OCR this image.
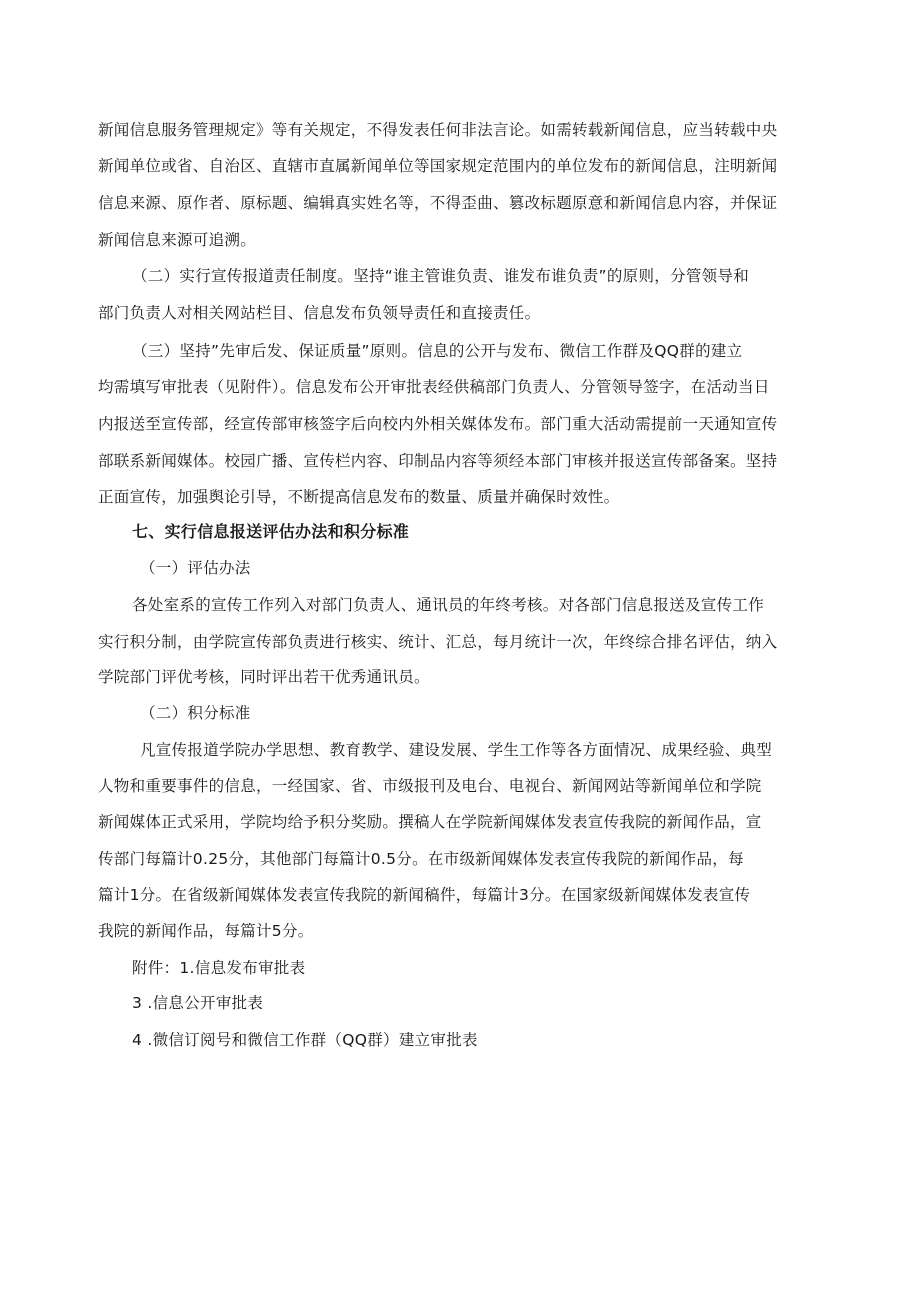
新闻信息服务管理规定》等有关规定，不得发表任何非法言论。如需转载新闻信息，应当转载中央

新闻单位或省、自治区、直辖市直属新闻单位等国家规定范围内的单位发布的新闻信息，注明新闻

信息来源、原作者、原标题、编辑真实姓名等，不得歪曲、篡改标题原意和新闻信息内容，并保证

新闻信息来源可追溯。

（二）实行宣传报道责任制度。坚持“谁主管谁负责、谁发布谁负责”的原则，分管领导和

部门负责人对相关网站栏目、信息发布负领导责任和直接责任。

（三）坚持”先审后发、保证质量”原则。信息的公开与发布、微信工作群及QQ群的建立

均需填写审批表（见附件）。信息发布公开审批表经供稿部门负责人、分管领导签字，在活动当日

内报送至宣传部，经宣传部审核签字后向校内外相关媒体发布。部门重大活动需提前一天通知宣传

部联系新闻媒体。校园广播、宣传栏内容、印制品内容等须经本部门审核并报送宣传部备案。坚持

正面宣传，加强舆论引导，不断提高信息发布的数量、质量并确保时效性。

七、实行信息报送评估办法和积分标准

（一）评估办法

各处室系的宣传工作列入对部门负责人、通讯员的年终考核。对各部门信息报送及宣传工作

实行积分制，由学院宣传部负责进行核实、统计、汇总，每月统计一次，年终综合排名评估，纳入

学院部门评优考核，同时评出若干优秀通讯员。

（二）积分标准

凡宣传报道学院办学思想、教育教学、建设发展、学生工作等各方面情况、成果经验、典型

人物和重要事件的信息，一经国家、省、市级报刊及电台、电视台、新闻网站等新闻单位和学院

新闻媒体正式采用，学院均给予积分奖励。撰稿人在学院新闻媒体发表宣传我院的新闻作品，宣

传部门每篇计0.25分，其他部门每篇计0.5分。在市级新闻媒体发表宣传我院的新闻作品，每

篇计1分。在省级新闻媒体发表宣传我院的新闻稿件，每篇计3分。在国家级新闻媒体发表宣传

我院的新闻作品，每篇计5分。

附件：1.信息发布审批表

3 .信息公开审批表

4 .微信订阅号和微信工作群（QQ群）建立审批表
